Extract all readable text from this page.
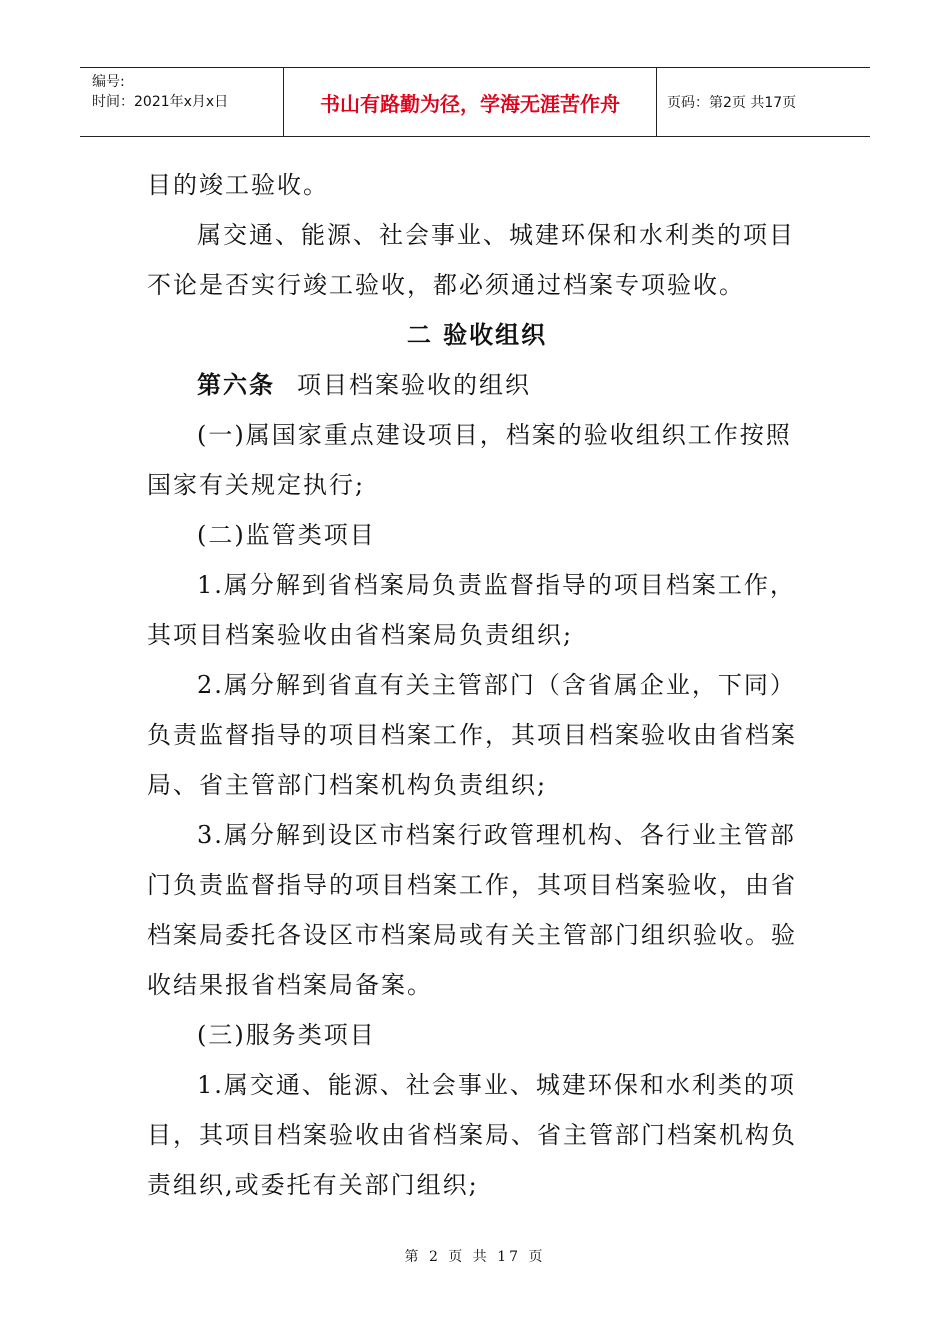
编号:
时间：2021年x月x日	书山有路勤为径，学海无涯苦作舟	页码：第2页 共17页

目的竣工验收。

属交通、能源、社会事业、城建环保和水利类的项目

不论是否实行竣工验收，都必须通过档案专项验收。

二 验收组织

第六条 项目档案验收的组织

(一)属国家重点建设项目，档案的验收组织工作按照

国家有关规定执行;

(二)监管类项目

1.属分解到省档案局负责监督指导的项目档案工作，

其项目档案验收由省档案局负责组织;

2.属分解到省直有关主管部门（含省属企业，下同）

负责监督指导的项目档案工作，其项目档案验收由省档案

局、省主管部门档案机构负责组织;

3.属分解到设区市档案行政管理机构、各行业主管部

门负责监督指导的项目档案工作，其项目档案验收，由省

档案局委托各设区市档案局或有关主管部门组织验收。验

收结果报省档案局备案。

(三)服务类项目

1.属交通、能源、社会事业、城建环保和水利类的项

目，其项目档案验收由省档案局、省主管部门档案机构负

责组织,或委托有关部门组织;

第 2 页 共 17 页
